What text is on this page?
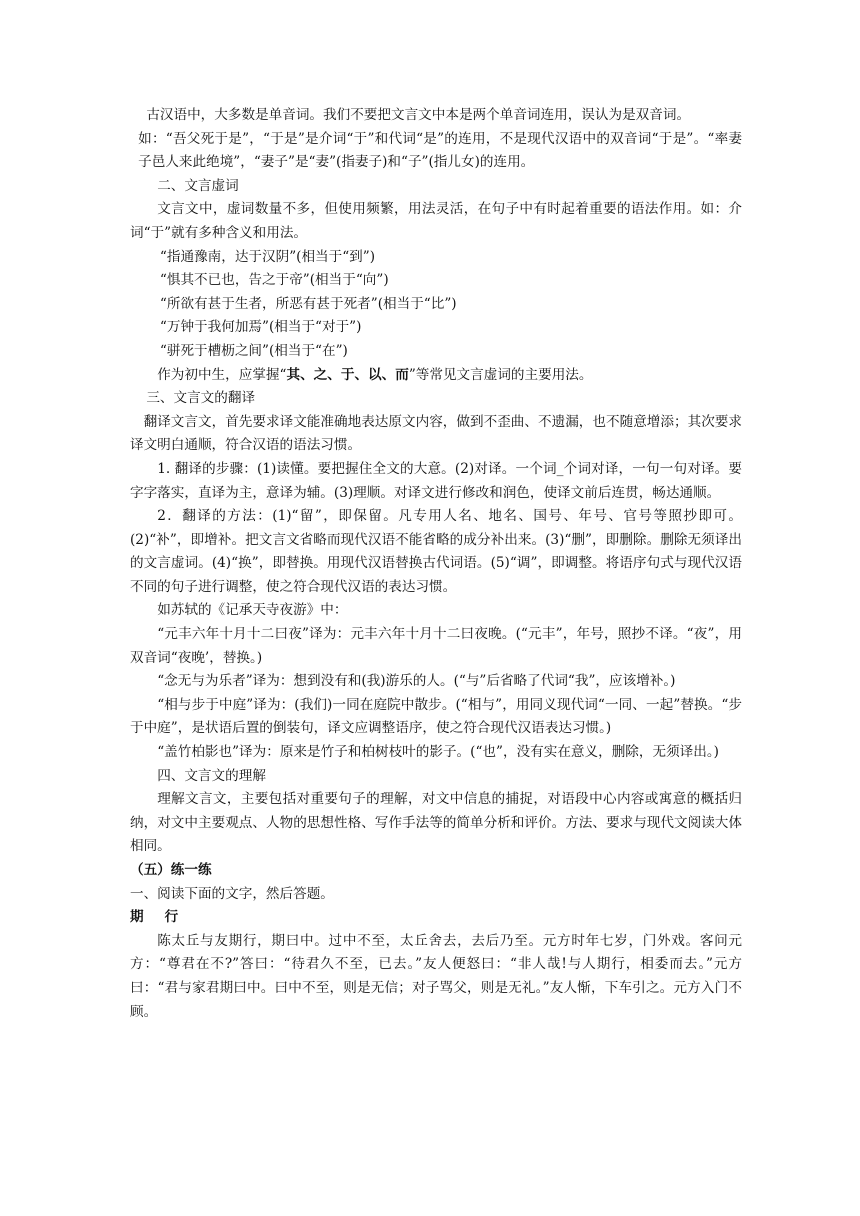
古汉语中，大多数是单音词。我们不要把文言文中本是两个单音词连用，误认为是双音词。

如：“吾父死于是”，“于是”是介词“于”和代词“是”的连用，不是现代汉语中的双音词“于是”。“率妻子邑人来此绝境”，“妻子”是“妻”(指妻子)和“子”(指儿女)的连用。

二、文言虚词

文言文中，虚词数量不多，但使用频繁，用法灵活，在句子中有时起着重要的语法作用。如：介词“于”就有多种含义和用法。

“指通豫南，达于汉阴”(相当于“到”)

“惧其不已也，告之于帝”(相当于“向”)

“所欲有甚于生者，所恶有甚于死者”(相当于“比”)

“万钟于我何加焉”(相当于“对于”)

“骈死于槽枥之间”(相当于“在”)

作为初中生，应掌握“其、之、于、以、而”等常见文言虚词的主要用法。

三、文言文的翻译

翻译文言文，首先要求译文能准确地表达原文内容，做到不歪曲、不遗漏，也不随意增添；其次要求译文明白通顺，符合汉语的语法习惯。

1. 翻译的步骤：(1)读懂。要把握住全文的大意。(2)对译。一个词_个词对译，一句一句对译。要字字落实，直译为主，意译为辅。(3)理顺。对译文进行修改和润色，使译文前后连贯，畅达通顺。

2．翻译的方法：(1)“留”，即保留。凡专用人名、地名、国号、年号、官号等照抄即可。(2)“补”，即增补。把文言文省略而现代汉语不能省略的成分补出来。(3)“删”，即删除。删除无须译出的文言虚词。(4)“换”，即替换。用现代汉语替换古代词语。(5)“调”，即调整。将语序句式与现代汉语不同的句子进行调整，使之符合现代汉语的表达习惯。

如苏轼的《记承天寺夜游》中：

“元丰六年十月十二曰夜”译为：元丰六年十月十二曰夜晚。(“元丰”，年号，照抄不译。“夜”，用双音词“夜晚’，替换。)

“念无与为乐者”译为：想到没有和(我)游乐的人。(“与”后省略了代词“我”，应该增补。)

“相与步于中庭”译为：(我们)一同在庭院中散步。(“相与”，用同义现代词“一同、一起”替换。“步于中庭”，是状语后置的倒装句，译文应调整语序，使之符合现代汉语表达习惯。)

“盖竹柏影也”译为：原来是竹子和柏树枝叶的影子。(“也”，没有实在意义，删除，无须译出。)

四、文言文的理解

理解文言文，主要包括对重要句子的理解，对文中信息的捕捉，对语段中心内容或寓意的概括归纳，对文中主要观点、人物的思想性格、写作手法等的简单分析和评价。方法、要求与现代文阅读大体相同。

（五）练一练

一、阅读下面的文字，然后答题。

期 行

陈太丘与友期行，期曰中。过中不至，太丘舍去，去后乃至。元方时年七岁，门外戏。客问元方：“尊君在不?”答曰：“待君久不至，已去。”友人便怒曰：“非人哉!与人期行，相委而去。”元方曰：“君与家君期曰中。曰中不至，则是无信；对子骂父，则是无礼。”友人惭，下车引之。元方入门不顾。
